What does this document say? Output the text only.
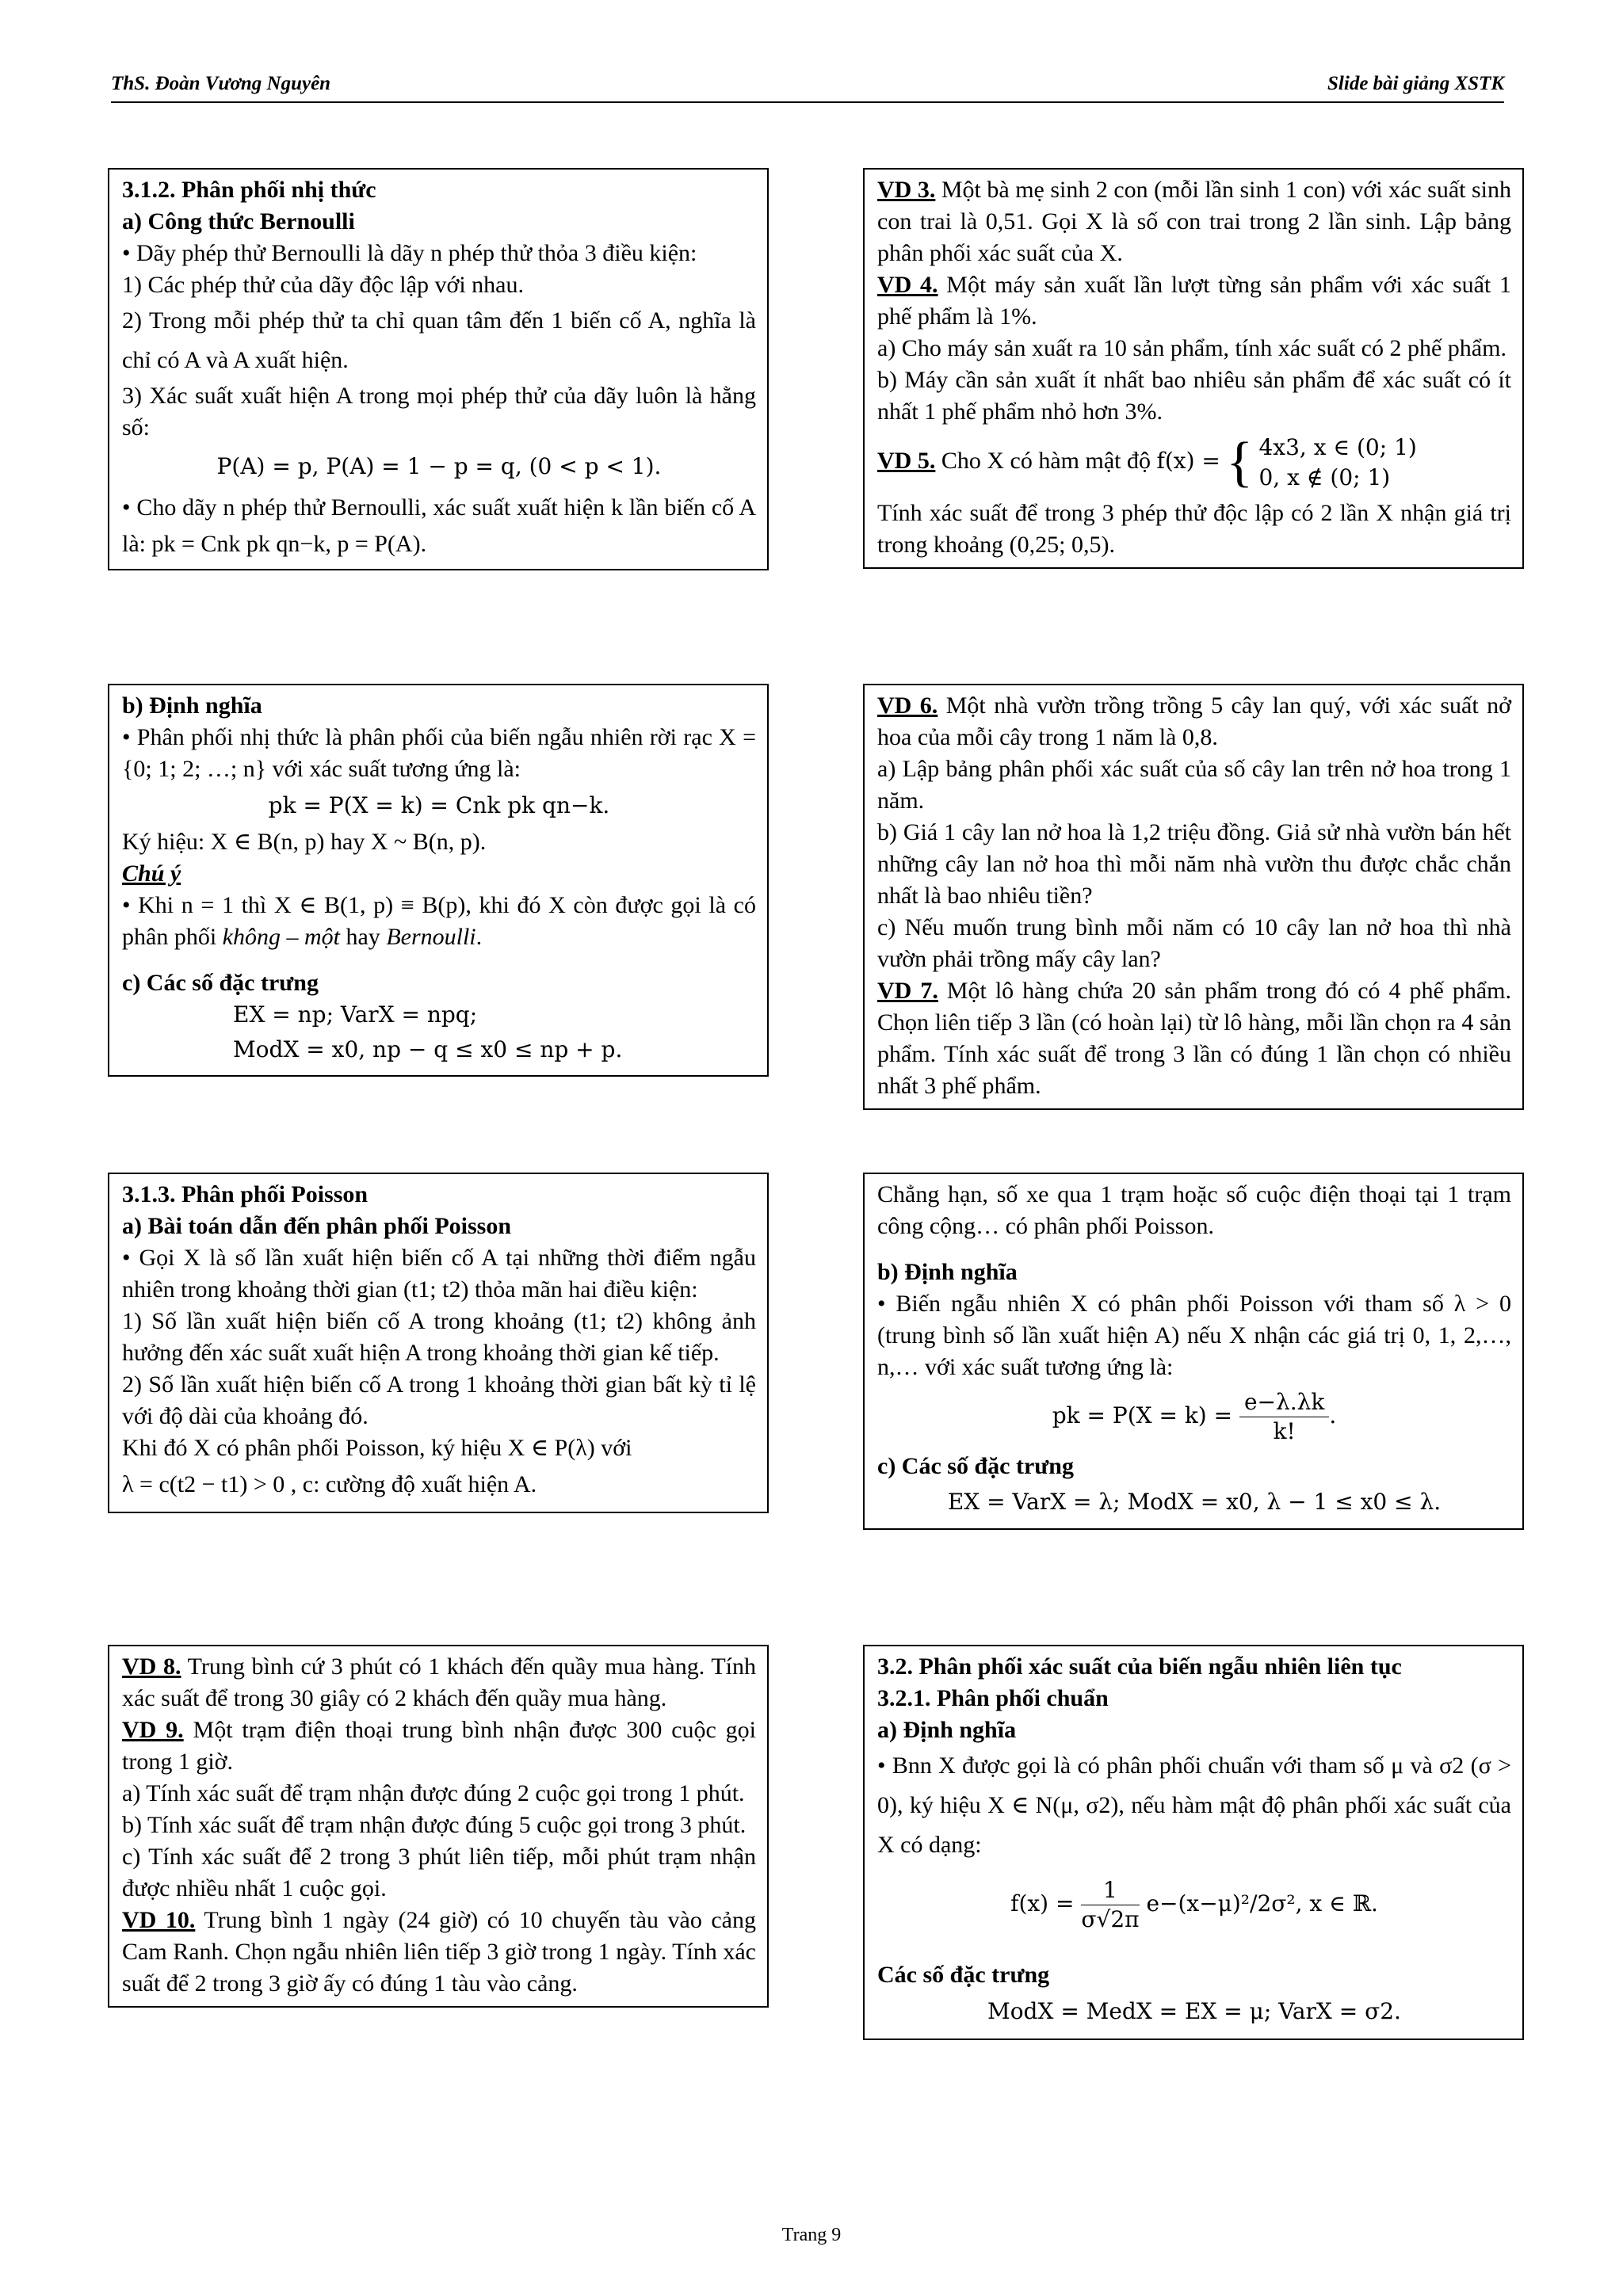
ThS. Đoàn Vương Nguyên	Slide bài giảng XSTK

3.1.2. Phân phối nhị thức

a) Công thức Bernoulli

• Dãy phép thử Bernoulli là dãy n phép thử thỏa 3 điều kiện:

1) Các phép thử của dãy độc lập với nhau.

2) Trong mỗi phép thử ta chỉ quan tâm đến 1 biến cố A, nghĩa là chỉ có A và A xuất hiện.

3) Xác suất xuất hiện A trong mọi phép thử của dãy luôn là hằng số:

P(A) = p, P(A) = 1 − p = q, (0 < p < 1).

• Cho dãy n phép thử Bernoulli, xác suất xuất hiện k lần biến cố A là: pk = Cnk pk qn−k, p = P(A).

VD 3. Một bà mẹ sinh 2 con (mỗi lần sinh 1 con) với xác suất sinh con trai là 0,51. Gọi X là số con trai trong 2 lần sinh. Lập bảng phân phối xác suất của X.

VD 4. Một máy sản xuất lần lượt từng sản phẩm với xác suất 1 phế phẩm là 1%.

a) Cho máy sản xuất ra 10 sản phẩm, tính xác suất có 2 phế phẩm.

b) Máy cần sản xuất ít nhất bao nhiêu sản phẩm để xác suất có ít nhất 1 phế phẩm nhỏ hơn 3%.

VD 5. Cho X có hàm mật độ f(x) = { 4x3, x ∈ (0; 1)
0, x ∉ (0; 1)

Tính xác suất để trong 3 phép thử độc lập có 2 lần X nhận giá trị trong khoảng (0,25; 0,5).

b) Định nghĩa

• Phân phối nhị thức là phân phối của biến ngẫu nhiên rời rạc X = {0; 1; 2; …; n} với xác suất tương ứng là:

pk = P(X = k) = Cnk pk qn−k.

Ký hiệu: X ∈ B(n, p) hay X ~ B(n, p).

Chú ý

• Khi n = 1 thì X ∈ B(1, p) ≡ B(p), khi đó X còn được gọi là có phân phối không – một hay Bernoulli.

c) Các số đặc trưng

EX = np; VarX = npq;

ModX = x0, np − q ≤ x0 ≤ np + p.

VD 6. Một nhà vườn trồng trồng 5 cây lan quý, với xác suất nở hoa của mỗi cây trong 1 năm là 0,8.

a) Lập bảng phân phối xác suất của số cây lan trên nở hoa trong 1 năm.

b) Giá 1 cây lan nở hoa là 1,2 triệu đồng. Giả sử nhà vườn bán hết những cây lan nở hoa thì mỗi năm nhà vườn thu được chắc chắn nhất là bao nhiêu tiền?

c) Nếu muốn trung bình mỗi năm có 10 cây lan nở hoa thì nhà vườn phải trồng mấy cây lan?

VD 7. Một lô hàng chứa 20 sản phẩm trong đó có 4 phế phẩm. Chọn liên tiếp 3 lần (có hoàn lại) từ lô hàng, mỗi lần chọn ra 4 sản phẩm. Tính xác suất để trong 3 lần có đúng 1 lần chọn có nhiều nhất 3 phế phẩm.

3.1.3. Phân phối Poisson

a) Bài toán dẫn đến phân phối Poisson

• Gọi X là số lần xuất hiện biến cố A tại những thời điểm ngẫu nhiên trong khoảng thời gian (t1; t2) thỏa mãn hai điều kiện:

1) Số lần xuất hiện biến cố A trong khoảng (t1; t2) không ảnh hưởng đến xác suất xuất hiện A trong khoảng thời gian kế tiếp.

2) Số lần xuất hiện biến cố A trong 1 khoảng thời gian bất kỳ tỉ lệ với độ dài của khoảng đó.

Khi đó X có phân phối Poisson, ký hiệu X ∈ P(λ) với

λ = c(t2 − t1) > 0 , c: cường độ xuất hiện A.

Chẳng hạn, số xe qua 1 trạm hoặc số cuộc điện thoại tại 1 trạm công cộng… có phân phối Poisson.

b) Định nghĩa

• Biến ngẫu nhiên X có phân phối Poisson với tham số λ > 0 (trung bình số lần xuất hiện A) nếu X nhận các giá trị 0, 1, 2,…, n,… với xác suất tương ứng là:

pk = $P(X = k) = \frac{e-\lambda.\lambda k}{k!}$ .

c) Các số đặc trưng

EX = VarX = λ; ModX = x0, λ − 1 ≤ x0 ≤ λ.

VD 8. Trung bình cứ 3 phút có 1 khách đến quầy mua hàng. Tính xác suất để trong 30 giây có 2 khách đến quầy mua hàng.

VD 9. Một trạm điện thoại trung bình nhận được 300 cuộc gọi trong 1 giờ.

a) Tính xác suất để trạm nhận được đúng 2 cuộc gọi trong 1 phút.

b) Tính xác suất để trạm nhận được đúng 5 cuộc gọi trong 3 phút.

c) Tính xác suất để 2 trong 3 phút liên tiếp, mỗi phút trạm nhận được nhiều nhất 1 cuộc gọi.

VD 10. Trung bình 1 ngày (24 giờ) có 10 chuyến tàu vào cảng Cam Ranh. Chọn ngẫu nhiên liên tiếp 3 giờ trong 1 ngày. Tính xác suất để 2 trong 3 giờ ấy có đúng 1 tàu vào cảng.

3.2. Phân phối xác suất của biến ngẫu nhiên liên tục

3.2.1. Phân phối chuẩn

a) Định nghĩa

• Bnn X được gọi là có phân phối chuẩn với tham số μ và σ2 (σ > 0), ký hiệu X ∈ N(μ, σ2), nếu hàm mật độ phân phối xác suất của X có dạng:

$f(x) = \frac{1}{\sigma√2\pi} e-(x-\mu)^2/2\sigma^2$, x ∈ ℝ.

Các số đặc trưng

ModX = MedX = EX = μ; VarX = σ2.

Trang 9
